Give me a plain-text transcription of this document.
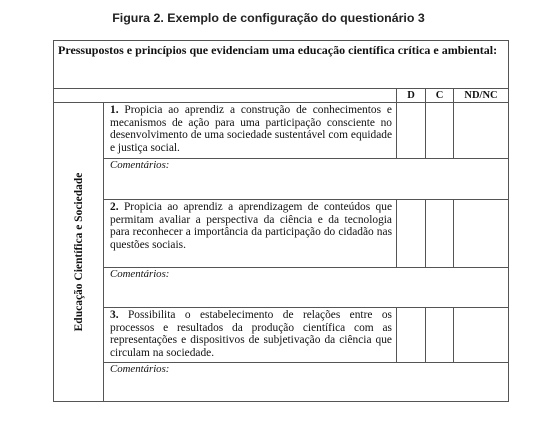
Figura 2. Exemplo de configuração do questionário 3
Pressupostos e princípios que evidenciam uma educação científica crítica e ambiental:				
		D	C	ND/NC

Educação Científica e Sociedade	1. Propicia ao aprendiz a construção de conhecimentos e mecanismos de ação para uma participação consciente no desenvolvimento de uma sociedade sustentável com equidade e justiça social.			
	Comentários:			
	2. Propicia ao aprendiz a aprendizagem de conteúdos que permitam avaliar a perspectiva da ciência e da tecnologia para reconhecer a importância da participação do cidadão nas questões sociais.			
	Comentários:			
	3. Possibilita o estabelecimento de relações entre os processos e resultados da produção científica com as representações e dispositivos de subjetivação da ciência que circulam na sociedade.			
	Comentários:			
